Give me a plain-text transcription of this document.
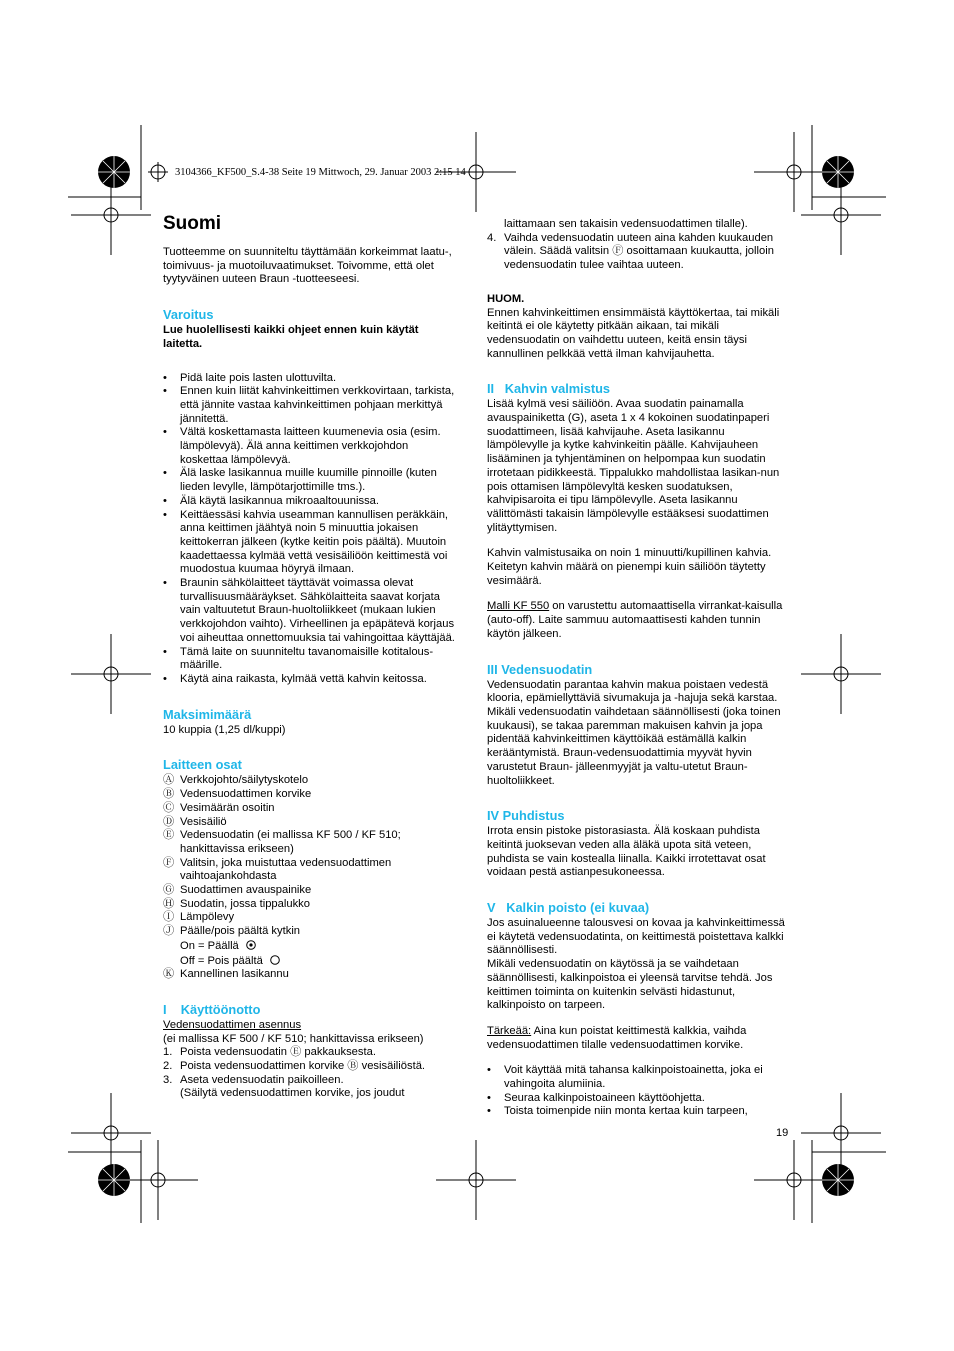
3104366_KF500_S.4-38 Seite 19 Mittwoch, 29. Januar 2003 2:15 14
Suomi

Tuotteemme on suunniteltu täyttämään korkeimmat laatu-, toimivuus- ja muotoiluvaatimukset. Toivomme, että olet tyytyväinen uuteen Braun -tuotteeseesi.

Varoitus

Lue huolellisesti kaikki ohjeet ennen kuin käytät laitetta.

• Pidä laite pois lasten ulottuvilta.
• Ennen kuin liität kahvinkeittimen verkkovirtaan, tarkista, että jännite vastaa kahvinkeittimen pohjaan merkittyä jännitettä.
• Vältä koskettamasta laitteen kuumenevia osia (esim. lämpölevyä). Älä anna keittimen verkkojohdon koskettaa lämpölevyä.
• Älä laske lasikannua muille kuumille pinnoille (kuten lieden levylle, lämpötarjottimille tms.).
• Älä käytä lasikannua mikroaaltouunissa.
• Keittäessäsi kahvia useamman kannullisen peräkkäin, anna keittimen jäähtyä noin 5 minuuttia jokaisen keittokerran jälkeen (kytke keitin pois päältä). Muutoin kaadettaessa kylmää vettä vesisäiliöön keittimestä voi muodostua kuumaa höyryä ilmaan.
• Braunin sähkölaitteet täyttävät voimassa olevat turvallisuusmääräykset. Sähkölaitteita saavat korjata vain valtuutetut Braun-huoltoliikkeet (mukaan lukien verkkojohdon vaihto). Virheellinen ja epäpätevä korjaus voi aiheuttaa onnettomuuksia tai vahingoittaa käyttäjää.
• Tämä laite on suunniteltu tavanomaisille kotitalous-määrille.
• Käytä aina raikasta, kylmää vettä kahvin keitossa.
Maksimimäärä

10 kuppia (1,25 dl/kuppi)

Laitteen osat
Ⓐ Verkkojohto/säilytyskotelo
Ⓑ Vedensuodattimen korvike
Ⓒ Vesimäärän osoitin
Ⓓ Vesisäiliö
Ⓔ Vedensuodatin (ei mallissa KF 500 / KF 510; hankittavissa erikseen)
Ⓕ Valitsin, joka muistuttaa vedensuodattimen vaihtoajankohdasta
Ⓖ Suodattimen avauspainike
Ⓗ Suodatin, jossa tippalukko
Ⓘ Lämpölevy
Ⓙ Päälle/pois päältä kytkin

On = Päällä

Off = Pois päältä

Ⓚ Kannellinen lasikannu
I    Käyttöönotto

Vedensuodattimen asennus

(ei mallissa KF 500 / KF 510; hankittavissa erikseen)

1. Poista vedensuodatin Ⓔ pakkauksesta.
2. Poista vedensuodattimen korvike Ⓑ vesisäiliöstä.
3. Aseta vedensuodatin paikoilleen.
(Säilytä vedensuodattimen korvike, jos joudut

laittamaan sen takaisin vedensuodattimen tilalle).

4. Vaihda vedensuodatin uuteen aina kahden kuukauden välein. Säädä valitsin Ⓕ osoittamaan kuukautta, jolloin vedensuodatin tulee vaihtaa uuteen.

HUOM.

Ennen kahvinkeittimen ensimmäistä käyttökertaa, tai mikäli keitintä ei ole käytetty pitkään aikaan, tai mikäli vedensuodatin on vaihdettu uuteen, keitä ensin täysi kannullinen pelkkää vettä ilman kahvijauhetta.

II   Kahvin valmistus

Lisää kylmä vesi säiliöön. Avaa suodatin painamalla avauspainiketta (G), aseta 1 x 4 kokoinen suodatinpaperi suodattimeen, lisää kahvijauhe. Aseta lasikannu lämpölevylle ja kytke kahvinkeitin päälle. Kahvijauheen lisääminen ja tyhjentäminen on helpompaa kun suodatin irrotetaan pidikkeestä. Tippalukko mahdollistaa lasikan-nun pois ottamisen lämpölevyltä kesken suodatuksen, kahvipisaroita ei tipu lämpölevylle. Aseta lasikannu välittömästi takaisin lämpölevylle estääksesi suodattimen ylitäyttymisen.

Kahvin valmistusaika on noin 1 minuutti/kupillinen kahvia. Keitetyn kahvin määrä on pienempi kuin säiliöön täytetty vesimäärä.

Malli KF 550 on varustettu automaattisella virrankat-kaisulla (auto-off). Laite sammuu automaattisesti kahden tunnin käytön jälkeen.

III Vedensuodatin

Vedensuodatin parantaa kahvin makua poistaen vedestä klooria, epämiellyttäviä sivumakuja ja -hajuja sekä karstaa. Mikäli vedensuodatin vaihdetaan säännöllisesti (joka toinen kuukausi), se takaa paremman makuisen kahvin ja jopa pidentää kahvinkeittimen käyttöikää estämällä kalkin kerääntymistä. Braun-vedensuodattimia myyvät hyvin varustetut Braun- jälleenmyyjät ja valtu-utetut Braun-huoltoliikkeet.

IV Puhdistus

Irrota ensin pistoke pistorasiasta. Älä koskaan puhdista keitintä juoksevan veden alla äläkä upota sitä veteen, puhdista se vain kostealla liinalla. Kaikki irrotettavat osat voidaan pestä astianpesukoneessa.

V   Kalkin poisto (ei kuvaa)

Jos asuinalueenne talousvesi on kovaa ja kahvinkeittimessä ei käytetä vedensuodatinta, on keittimestä poistettava kalkki säännöllisesti.

Mikäli vedensuodatin on käytössä ja se vaihdetaan säännöllisesti, kalkinpoistoa ei yleensä tarvitse tehdä. Jos keittimen toiminta on kuitenkin selvästi hidastunut, kalkinpoisto on tarpeen.

Tärkeää: Aina kun poistat keittimestä kalkkia, vaihda vedensuodattimen tilalle vedensuodattimen korvike.

• Voit käyttää mitä tahansa kalkinpoistoainetta, joka ei vahingoita alumiinia.
• Seuraa kalkinpoistoaineen käyttöohjetta.
• Toista toimenpide niin monta kertaa kuin tarpeen,
19
